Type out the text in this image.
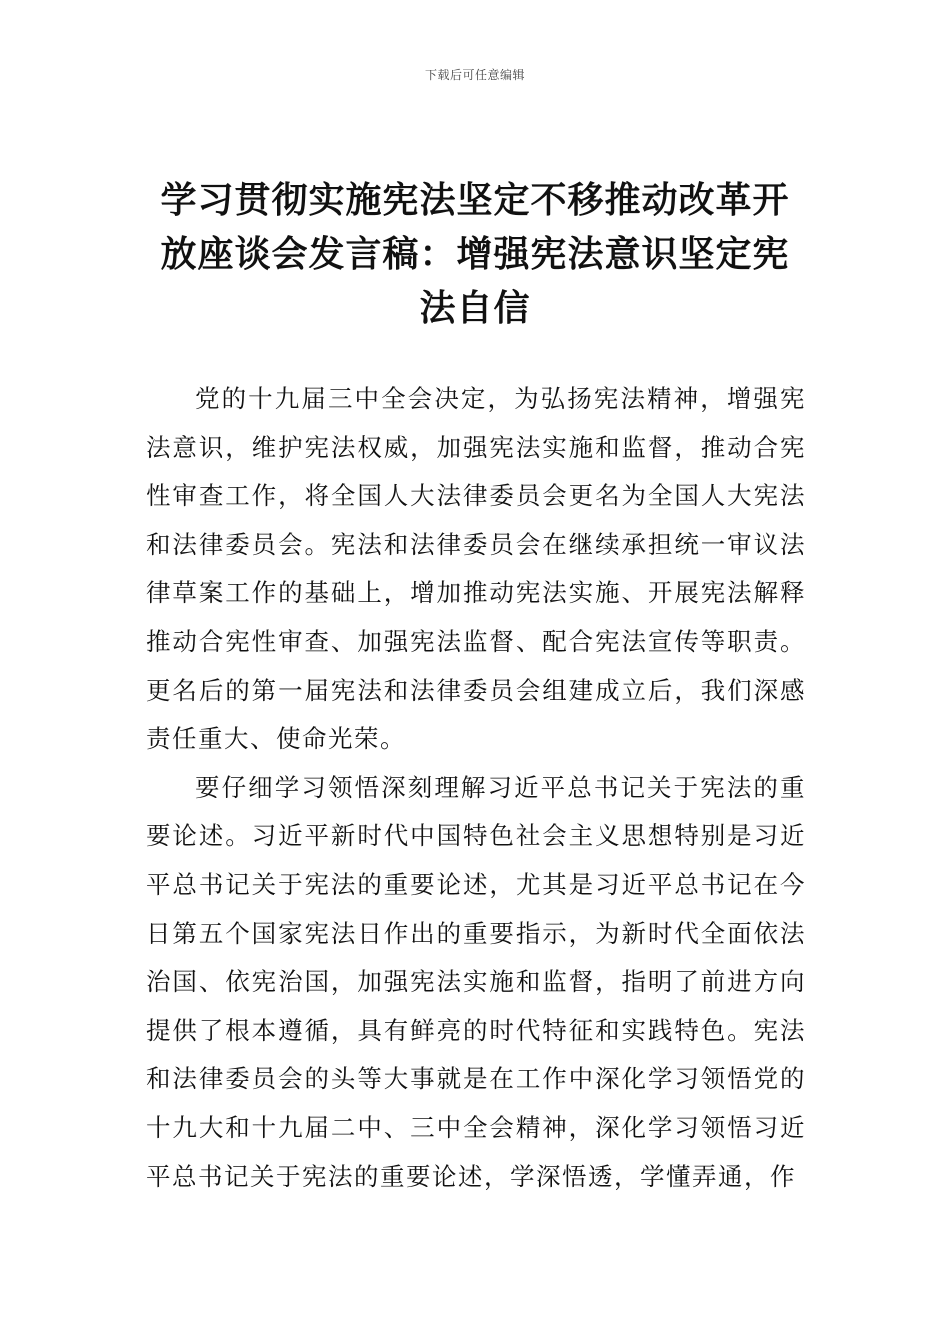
下载后可任意编辑
学习贯彻实施宪法坚定不移推动改革开放座谈会发言稿：增强宪法意识坚定宪法自信

党的十九届三中全会决定，为弘扬宪法精神，增强宪法意识，维护宪法权威，加强宪法实施和监督，推动合宪性审查工作，将全国人大法律委员会更名为全国人大宪法和法律委员会。宪法和法律委员会在继续承担统一审议法律草案工作的基础上，增加推动宪法实施、开展宪法解释推动合宪性审查、加强宪法监督、配合宪法宣传等职责。更名后的第一届宪法和法律委员会组建成立后，我们深感责任重大、使命光荣。

要仔细学习领悟深刻理解习近平总书记关于宪法的重要论述。习近平新时代中国特色社会主义思想特别是习近平总书记关于宪法的重要论述，尤其是习近平总书记在今日第五个国家宪法日作出的重要指示，为新时代全面依法治国、依宪治国，加强宪法实施和监督，指明了前进方向提供了根本遵循，具有鲜亮的时代特征和实践特色。宪法和法律委员会的头等大事就是在工作中深化学习领悟党的十九大和十九届二中、三中全会精神，深化学习领悟习近平总书记关于宪法的重要论述，学深悟透，学懂弄通，作
